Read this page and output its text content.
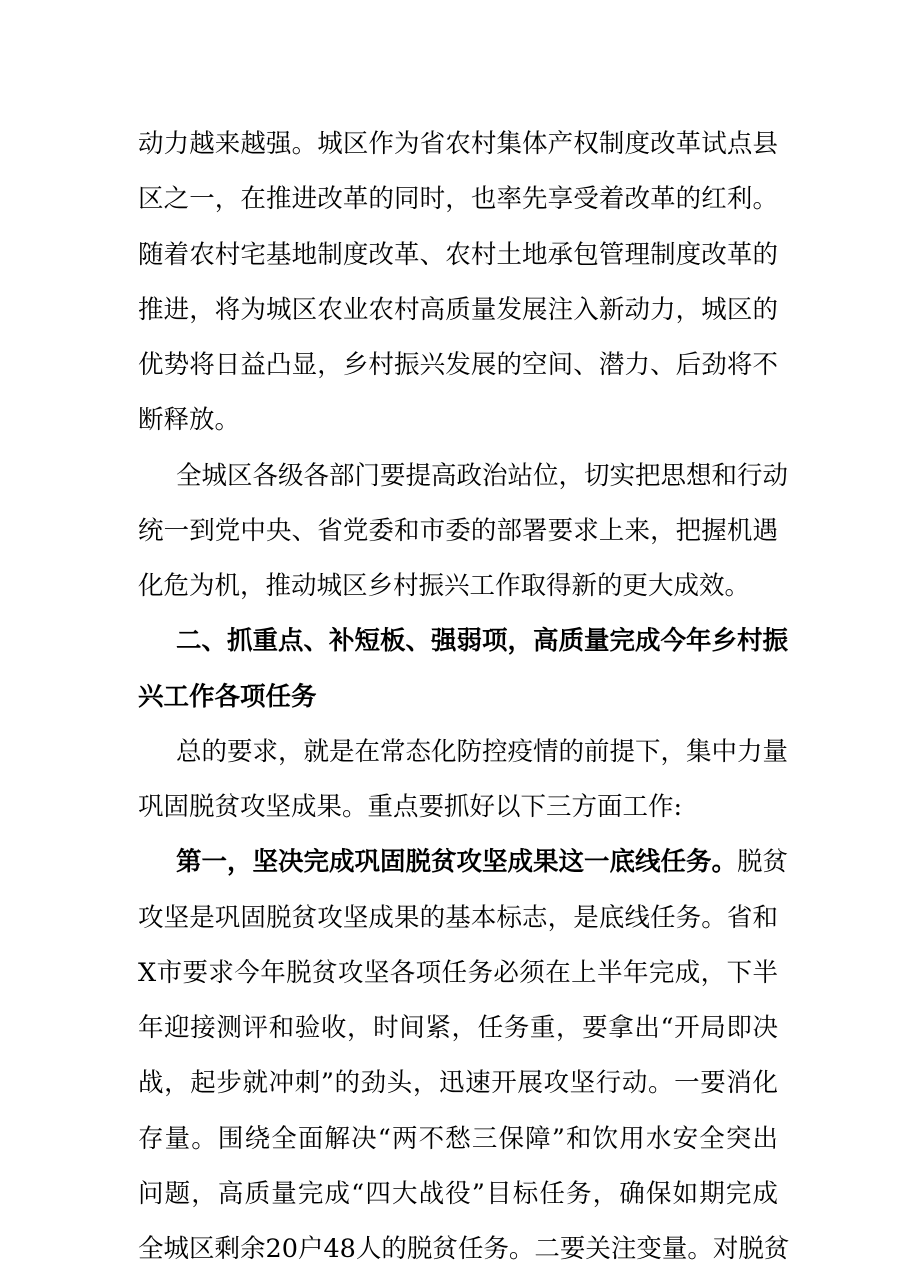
动力越来越强。城区作为省农村集体产权制度改革试点县
区之一，在推进改革的同时，也率先享受着改革的红利。
随着农村宅基地制度改革、农村土地承包管理制度改革的
推进，将为城区农业农村高质量发展注入新动力，城区的
优势将日益凸显，乡村振兴发展的空间、潜力、后劲将不
断释放。
全城区各级各部门要提高政治站位，切实把思想和行动
统一到党中央、省党委和市委的部署要求上来，把握机遇
化危为机，推动城区乡村振兴工作取得新的更大成效。
二、抓重点、补短板、强弱项，高质量完成今年乡村振
兴工作各项任务
总的要求，就是在常态化防控疫情的前提下，集中力量
巩固脱贫攻坚成果。重点要抓好以下三方面工作:
第一，坚决完成巩固脱贫攻坚成果这一底线任务。脱贫
攻坚是巩固脱贫攻坚成果的基本标志，是底线任务。省和
X市要求今年脱贫攻坚各项任务必须在上半年完成，下半
年迎接测评和验收，时间紧，任务重，要拿出“开局即决
战，起步就冲刺”的劲头，迅速开展攻坚行动。一要消化
存量。围绕全面解决“两不愁三保障”和饮用水安全突出
问题，高质量完成“四大战役”目标任务，确保如期完成
全城区剩余20户48人的脱贫任务。二要关注变量。对脱贫
